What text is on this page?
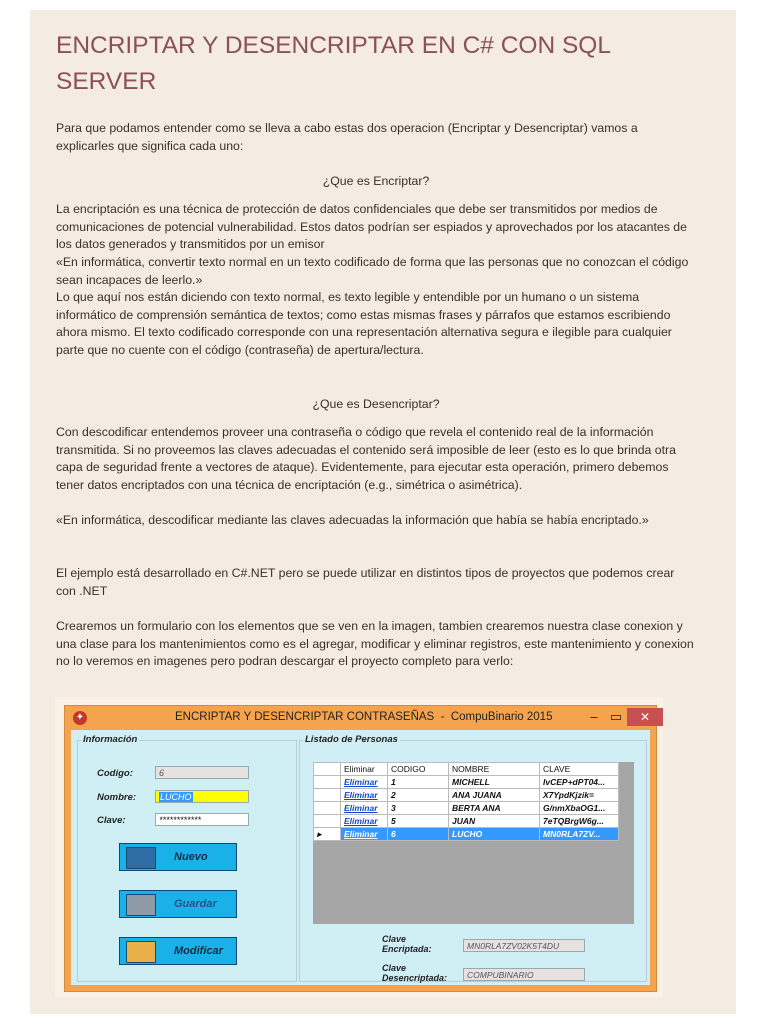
ENCRIPTAR Y DESENCRIPTAR EN C# CON SQL SERVER

Para que podamos entender como se lleva a cabo estas dos operacion (Encriptar y Desencriptar) vamos a explicarles que significa cada uno:

¿Que es Encriptar?

La encriptación es una técnica de protección de datos confidenciales que debe ser transmitidos por medios de comunicaciones de potencial vulnerabilidad. Estos datos podrían ser espiados y aprovechados por los atacantes de los datos generados y transmitidos por un emisor

«En informática, convertir texto normal en un texto codificado de forma que las personas que no conozcan el código sean incapaces de leerlo.»

Lo que aquí nos están diciendo con texto normal, es texto legible y entendible por un humano o un sistema informático de comprensión semántica de textos; como estas mismas frases y párrafos que estamos escribiendo ahora mismo. El texto codificado corresponde con una representación alternativa segura e ilegible para cualquier parte que no cuente con el código (contraseña) de apertura/lectura.

¿Que es Desencriptar?

Con descodificar entendemos proveer una contraseña o código que revela el contenido real de la información transmitida. Si no proveemos las claves adecuadas el contenido será imposible de leer (esto es lo que brinda otra capa de seguridad frente a vectores de ataque). Evidentemente, para ejecutar esta operación, primero debemos tener datos encriptados con una técnica de encriptación (e.g., simétrica o asimétrica).

«En informática, descodificar mediante las claves adecuadas la información que había se había encriptado.»

El ejemplo está desarrollado en C#.NET pero se puede utilizar en distintos tipos de proyectos que podemos crear con .NET

Crearemos un formulario con los elementos que se ven en la imagen, tambien crearemos nuestra clase conexion y una clase para los mantenimientos como es el agregar, modificar y eliminar registros, este mantenimiento y conexion no lo veremos en imagenes pero podran descargar el proyecto completo para verlo:

✦	ENCRIPTAR Y DESENCRIPTAR CONTRASEÑAS  -  CompuBinario 2015	– ▭	✕
Información
Codigo:	6
Nombre:	LUCHO
Clave:	************
Nuevo
Guardar
Modificar
Listado de Personas
	Eliminar	CODIGO	NOMBRE	CLAVE
	Eliminar	1	MICHELL	IvCEP+dPT04...
	Eliminar	2	ANA JUANA	X7YpdKjzik=
	Eliminar	3	BERTA ANA	G/nmXbaOG1...
	Eliminar	5	JUAN	7eTQBrgW6g...
▸	Eliminar	6	LUCHO	MN0RLA7ZV...
Clave
Encriptada:	MN0RLA7ZV02K5T4DU
Clave
Desencriptada:	COMPUBINARIO
